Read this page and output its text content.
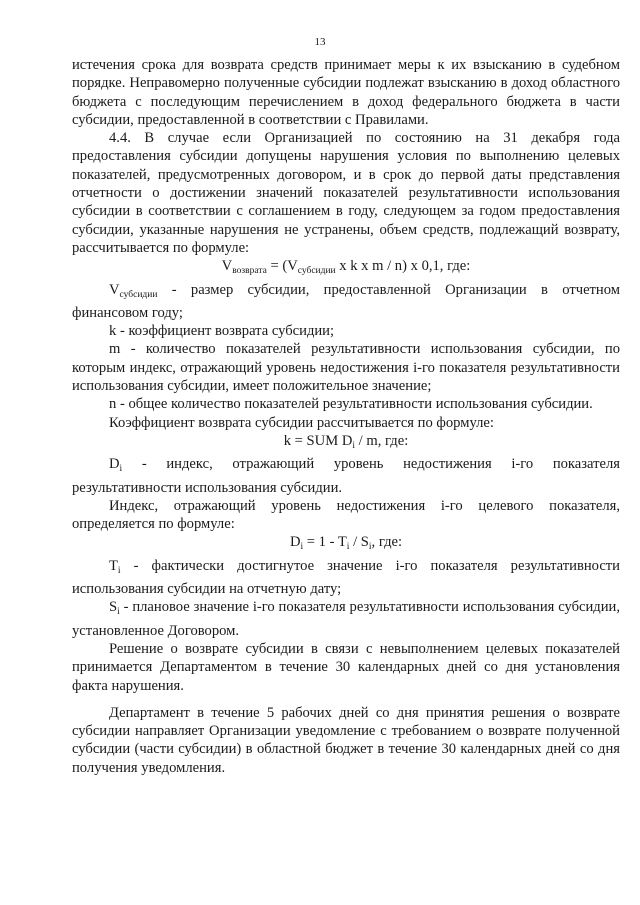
13

истечения срока для возврата средств принимает меры к их взысканию в судебном порядке. Неправомерно полученные субсидии подлежат взысканию в доход областного бюджета с последующим перечислением в доход федерального бюджета в части субсидии, предоставленной в соответствии с Правилами.

4.4. В случае если Организацией по состоянию на 31 декабря года предоставления субсидии допущены нарушения условия по выполнению целевых показателей, предусмотренных договором, и в срок до первой даты представления отчетности о достижении значений показателей результативности использования субсидии в соответствии с соглашением в году, следующем за годом предоставления субсидии, указанные нарушения не устранены, объем средств, подлежащий возврату, рассчитывается по формуле:

$V_{возврата} = (V_{субсидии}$ x k x m / n) x 0,1, где:

$V_{субсидии}$ - размер субсидии, предоставленной Организации в отчетном финансовом году;

k - коэффициент возврата субсидии;

m - количество показателей результативности использования субсидии, по которым индекс, отражающий уровень недостижения i-го показателя результативности использования субсидии, имеет положительное значение;

n - общее количество показателей результативности использования субсидии.

Коэффициент возврата субсидии рассчитывается по формуле:

k = SUM $D_i$ / m, где:

$D_i$ - индекс, отражающий уровень недостижения i-го показателя результативности использования субсидии.

Индекс, отражающий уровень недостижения i-го целевого показателя, определяется по формуле:

$D_i = 1 - T_i / S_i$, где:

$T_i$ - фактически достигнутое значение i-го показателя результативности использования субсидии на отчетную дату;

$S_i$ - плановое значение i-го показателя результативности использования субсидии, установленное Договором.

Решение о возврате субсидии в связи с невыполнением целевых показателей принимается Департаментом в течение 30 календарных дней со дня установления факта нарушения.

Департамент в течение 5 рабочих дней со дня принятия решения о возврате субсидии направляет Организации уведомление с требованием о возврате полученной субсидии (части субсидии) в областной бюджет в течение 30 календарных дней со дня получения уведомления.
